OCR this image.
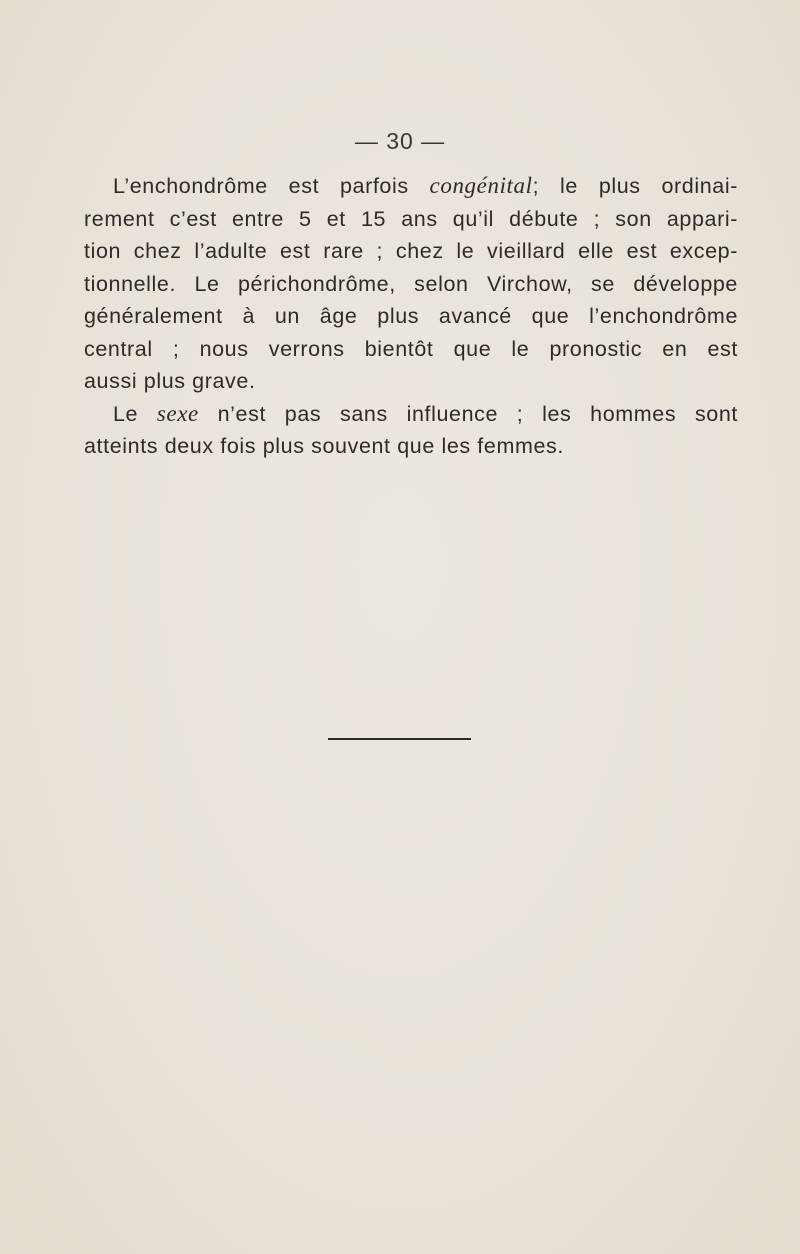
— 30 —
L’enchondrôme est parfois congénital; le plus ordinai-
rement c’est entre 5 et 15 ans qu’il débute ; son appari-
tion chez l’adulte est rare ; chez le vieillard elle est excep-
tionnelle. Le périchondrôme, selon Virchow, se développe
généralement à un âge plus avancé que l’enchondrôme
central ; nous verrons bientôt que le pronostic en est
aussi plus grave.
Le sexe n’est pas sans influence ; les hommes sont
atteints deux fois plus souvent que les femmes.
